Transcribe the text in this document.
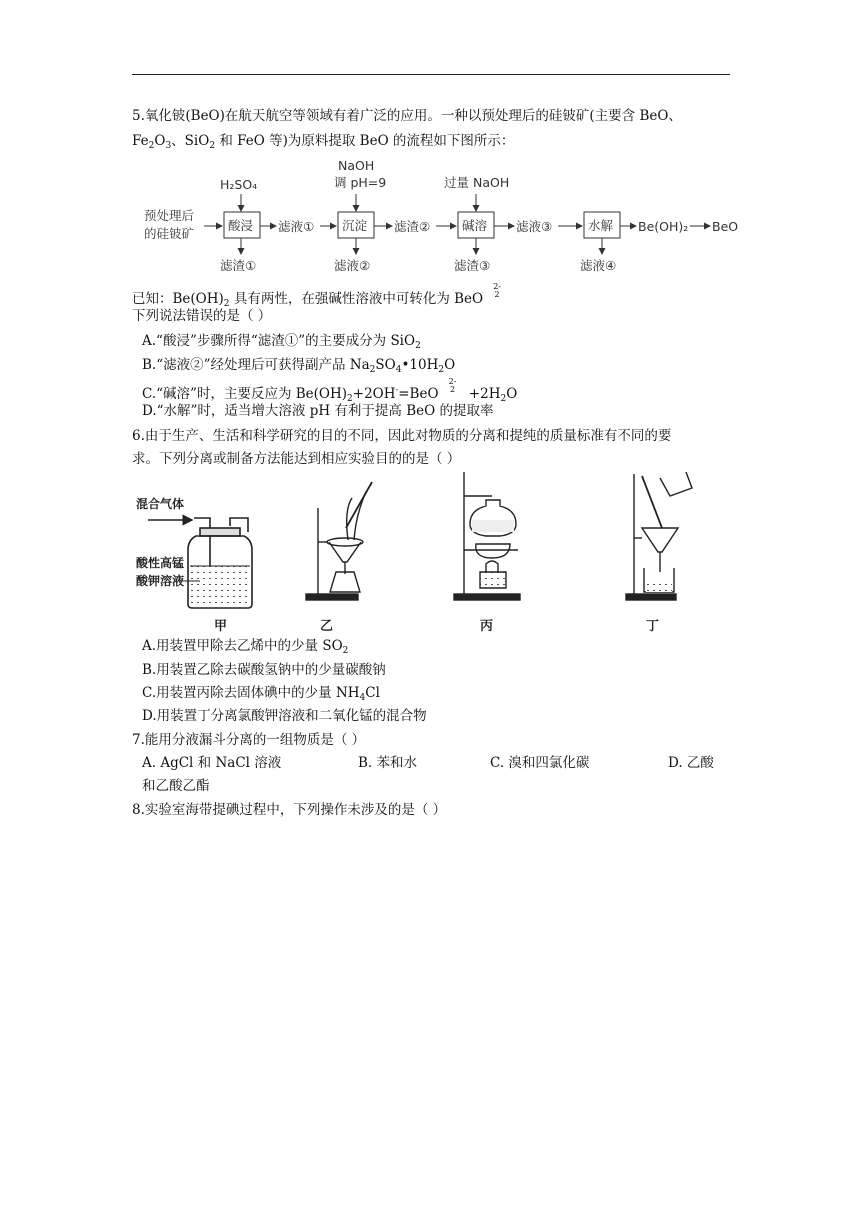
5.氧化铍(BeO)在航天航空等领域有着广泛的应用。一种以预处理后的硅铍矿(主要含 BeO、
$Fe_2O_3$、SiO$_2$ 和 FeO 等)为原料提取 BeO 的流程如下图所示：
预处理后
的硅铍矿
H₂SO₄
酸浸
滤渣①
滤液①
NaOH
调 pH=9
沉淀
滤液②
滤渣②
过量 NaOH
碱溶
滤渣③
滤液③	水解
滤液④
Be(OH)₂ BeO
已知：$Be(OH)_2$ 具有两性，在强碱性溶液中可转化为 BeO2-
2
下列说法错误的是（ ）
A.“酸浸”步骤所得“滤渣①”的主要成分为 SiO$_2$
B.“滤液②”经处理后可获得副产品 $Na_2SO_4•10H_2O$
C.“碱溶”时，主要反应为 $Be(OH)_2+2OH^-=BeO2-$
$2 +2H_2O$
D.“水解”时，适当增大溶液 pH 有利于提高 BeO 的提取率
6.由于生产、生活和科学研究的目的不同，因此对物质的分离和提纯的质量标准有不同的要
求。下列分离或制备方法能达到相应实验目的的是（ ）
混合气体
酸性高锰
酸钾溶液
甲	乙	丙	丁
A.用装置甲除去乙烯中的少量 $SO_2$
B.用装置乙除去碳酸氢钠中的少量碳酸钠
C.用装置丙除去固体碘中的少量 $NH_4Cl$
D.用装置丁分离氯酸钾溶液和二氧化锰的混合物
7.能用分液漏斗分离的一组物质是（ ）
A. AgCl 和 NaCl 溶液	B. 苯和水	C. 溴和四氯化碳	D. 乙酸
和乙酸乙酯
8.实验室海带提碘过程中，下列操作未涉及的是（ ）
